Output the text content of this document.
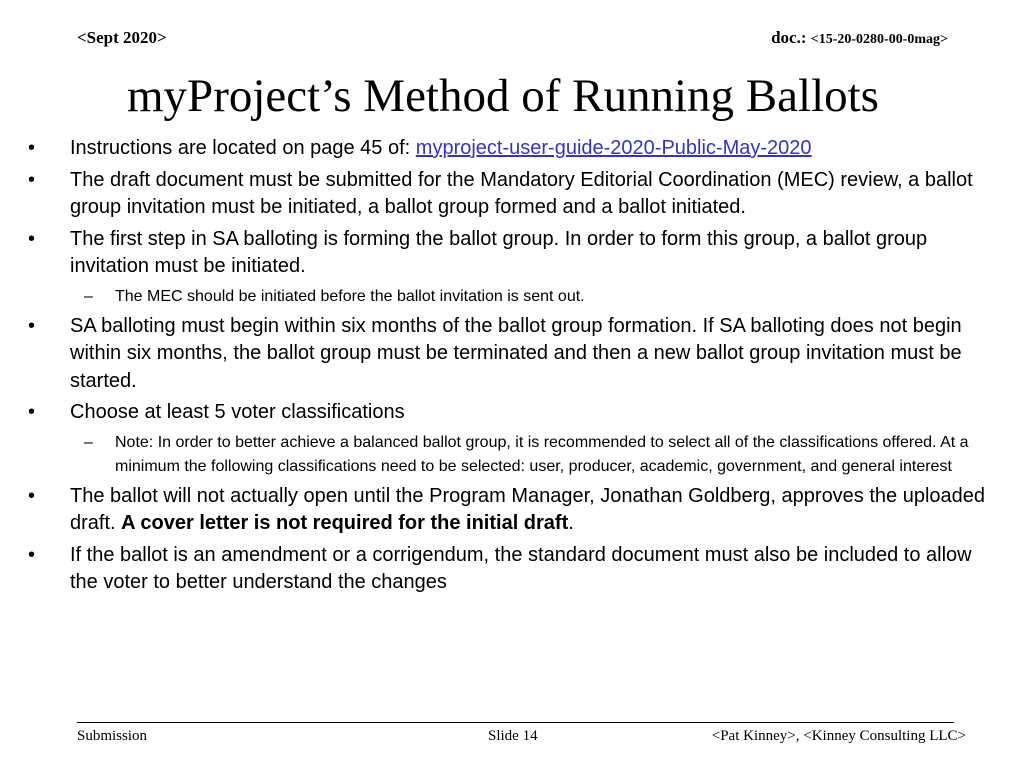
<Sept 2020>	doc.: <15-20-0280-00-0mag>
myProject’s Method of Running Ballots
•	Instructions are located on page 45 of: myproject-user-guide-2020-Public-May-2020
•	The draft document must be submitted for the Mandatory Editorial Coordination (MEC) review, a ballot group invitation must be initiated, a ballot group formed and a ballot initiated.
•	The first step in SA balloting is forming the ballot group. In order to form this group, a ballot group invitation must be initiated.
– The MEC should be initiated before the ballot invitation is sent out.
•	SA balloting must begin within six months of the ballot group formation. If SA balloting does not begin within six months, the ballot group must be terminated and then a new ballot group invitation must be started.
•	Choose at least 5 voter classifications
– Note: In order to better achieve a balanced ballot group, it is recommended to select all of the classifications offered. At a minimum the following classifications need to be selected: user, producer, academic, government, and general interest
•	The ballot will not actually open until the Program Manager, Jonathan Goldberg, approves the uploaded draft. A cover letter is not required for the initial draft.
•	If the ballot is an amendment or a corrigendum, the standard document must also be included to allow the voter to better understand the changes
Submission	Slide 14	<Pat Kinney>, <Kinney Consulting LLC>
